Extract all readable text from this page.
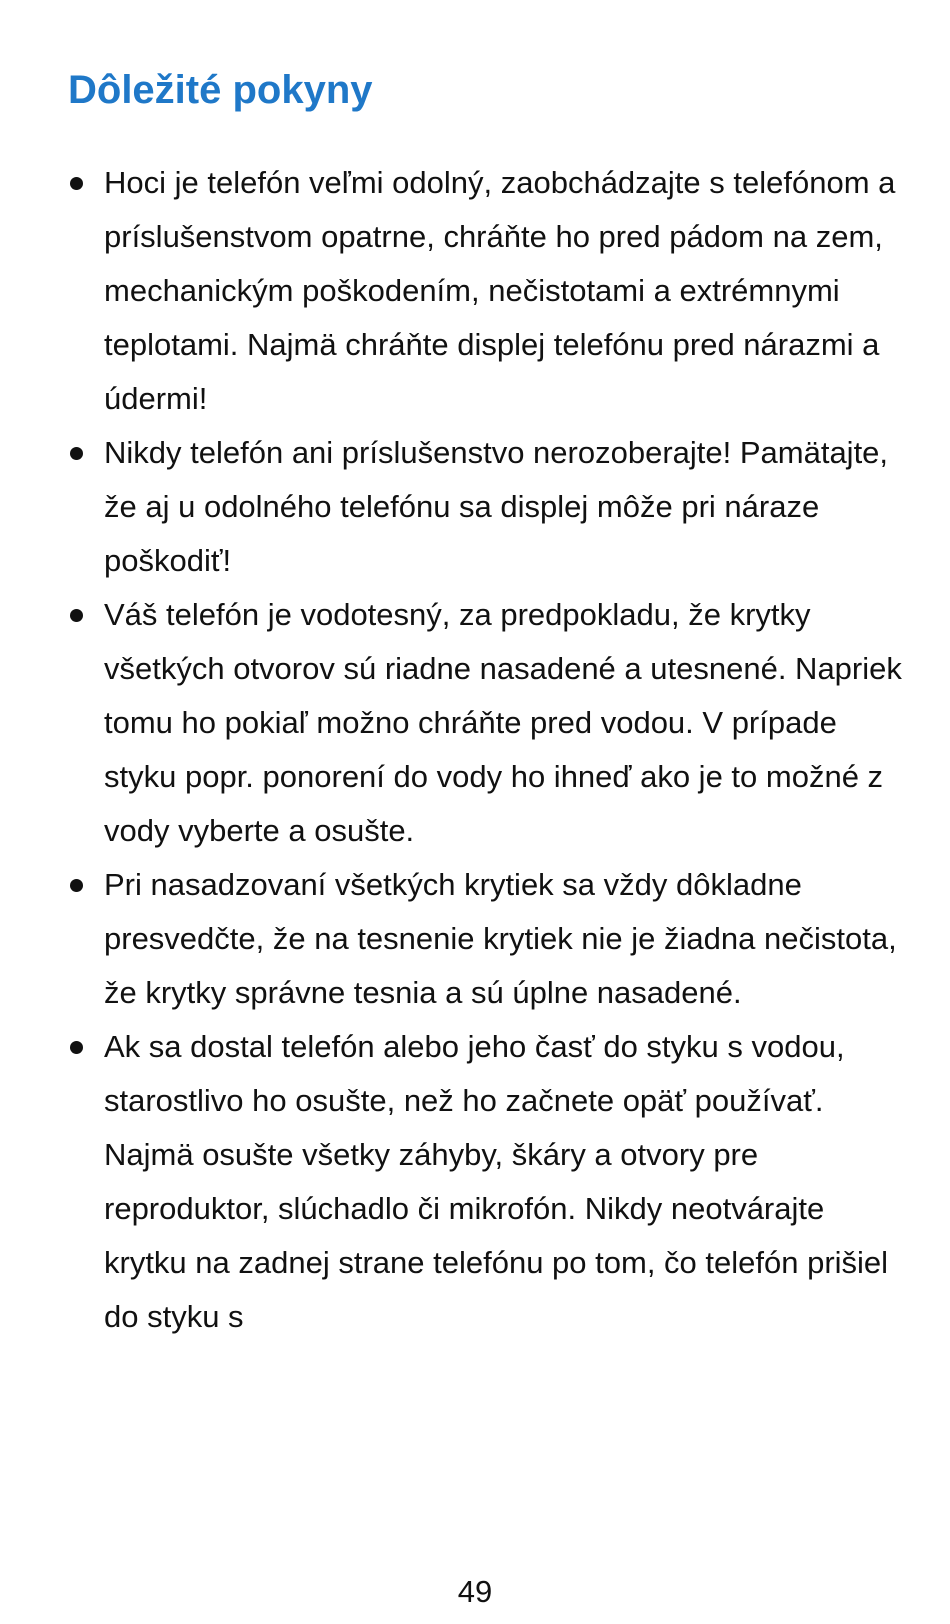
Dôležité pokyny
Hoci je telefón veľmi odolný, zaobchádzajte s telefónom a príslušenstvom opatrne, chráňte ho pred pádom na zem, mechanickým poškodením, nečistotami a extrémnymi teplotami. Najmä chráňte displej telefónu pred nárazmi a údermi!
Nikdy telefón ani príslušenstvo nerozoberajte! Pamätajte, že aj u odolného telefónu sa displej môže pri náraze poškodiť!
Váš telefón je vodotesný, za predpokladu, že krytky všetkých otvorov sú riadne nasadené a utesnené. Napriek tomu ho pokiaľ možno chráňte pred vodou. V prípade styku popr. ponorení do vody ho ihneď ako je to možné z vody vyberte a osušte.
Pri nasadzovaní všetkých krytiek sa vždy dôkladne presvedčte, že na tesnenie krytiek nie je žiadna nečistota, že krytky správne tesnia a sú úplne nasadené.
Ak sa dostal telefón alebo jeho časť do styku s vodou, starostlivo ho osušte, než ho začnete opäť používať. Najmä osušte všetky záhyby, škáry a otvory pre reproduktor, slúchadlo či mikrofón. Nikdy neotvárajte krytku na zadnej strane telefónu po tom, čo telefón prišiel do styku s
49
